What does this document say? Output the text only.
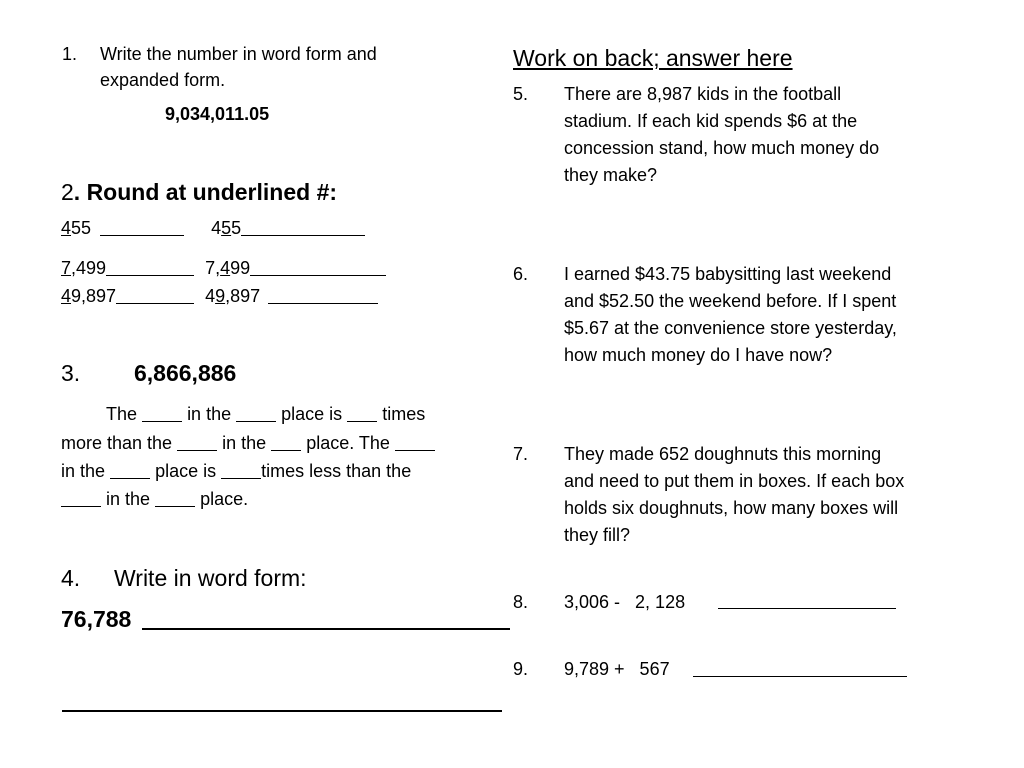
1. Write the number in word form and
expanded form.
9,034,011.05
2. Round at underlined #:
455	455
7,499	7,499
49,897	49,897
3. 6,866,886
The	in the	place is times
more than the	in the place. The
in the	place is	times less than the
in the	place.
4. Write in word form:
76,788
Work on back; answer here
5. There are 8,987 kids in the football
stadium. If each kid spends $6 at the
concession stand, how much money do
they make?
6. I earned $43.75 babysitting last weekend
and $52.50 the weekend before. If I spent
$5.67 at the convenience store yesterday,
how much money do I have now?
7. They made 652 doughnuts this morning
and need to put them in boxes. If each box
holds six doughnuts, how many boxes will
they fill?
8. 3,006 -   2, 128
9. 9,789 +   567
